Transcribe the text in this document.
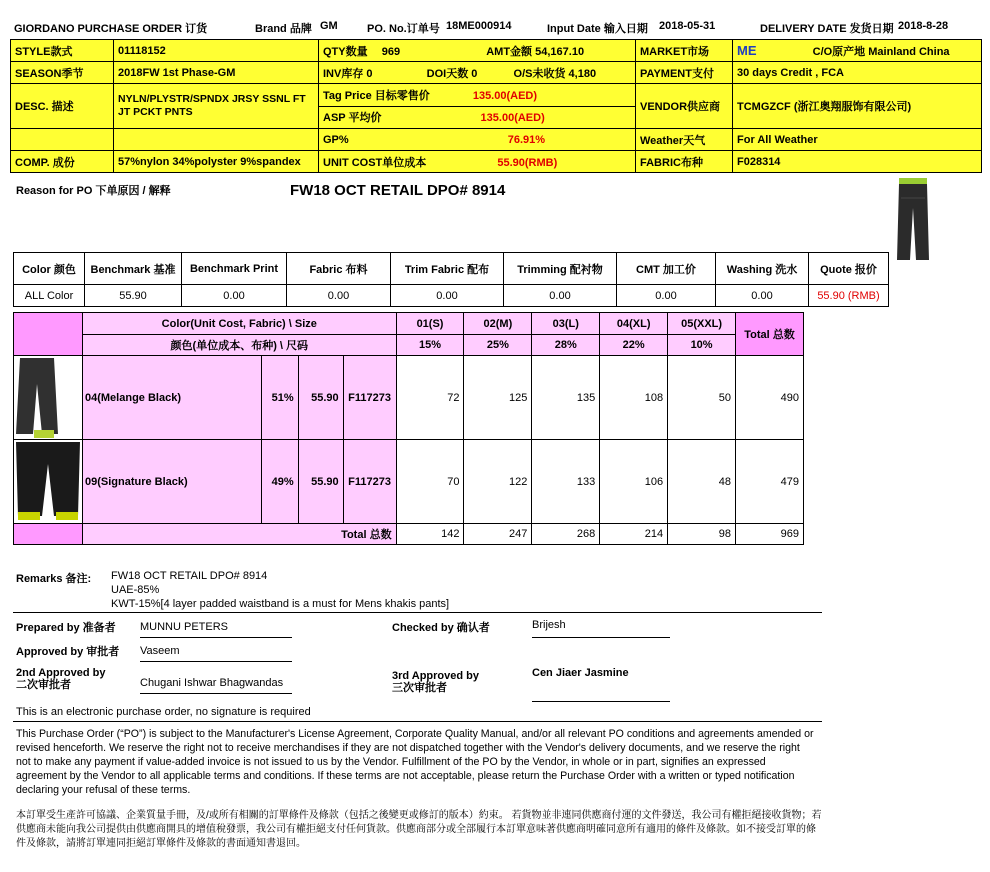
GIORDANO PURCHASE ORDER 订货	Brand 品牌 GM	PO. No.订单号 18ME000914	Input Date 输入日期 2018-05-31	DELIVERY DATE 发货日期 2018-8-28
STYLE款式	01118152	QTY数量 969 AMT金额 54,167.10	MARKET市场	ME C/O原产地 Mainland China
SEASON季节	2018FW 1st Phase-GM	INV库存 0 DOI天数 0 O/S未收货 4,180	PAYMENT支付	30 days Credit , FCA
DESC. 描述	NYLN/PLYSTR/SPNDX JRSY SSNL FT JT PCKT PNTS	Tag Price 目标零售价 135.00(AED)	VENDOR供应商	TCMGZCF (浙江奥翔服饰有限公司)
		ASP 平均价 135.00(AED)		
		GP% 76.91%	Weather天气	For All Weather
COMP. 成份	57%nylon 34%polyster 9%spandex	UNIT COST单位成本 55.90(RMB)	FABRIC布种	F028314
Reason for PO 下单原因 / 解释	FW18 OCT RETAIL DPO# 8914
Color 颜色	Benchmark 基准	Benchmark Print	Fabric 布料	Trim Fabric 配布	Trimming 配衬物	CMT 加工价	Washing 洗水	Quote 报价
ALL Color	55.90	0.00	0.00	0.00	0.00	0.00	0.00	55.90 (RMB)
	Color(Unit Cost, Fabric) \ Size				01(S)	02(M)	03(L)	04(XL)	05(XXL)	Total 总数
	颜色(单位成本、布种) \ 尺码				15%	25%	28%	22%	10%	

	04(Melange Black)	51%	55.90	F117273	72	125	135	108	50	490

	09(Signature Black)	49%	55.90	F117273	70	122	133	106	48	479
	Total 总数				142	247	268	214	98	969
Remarks 备注: FW18 OCT RETAIL DPO# 8914
UAE-85%
KWT-15%[4 layer padded waistband is a must for Mens khakis pants]
Prepared by 准备者 MUNNU PETERS	Checked by 确认者	Brijesh
Approved by 审批者 Vaseem
2nd Approved by
二次审批者	Chugani Ishwar Bhagwandas
3rd Approved by
三次审批者
Cen Jiaer Jasmine
This is an electronic purchase order, no signature is required
This Purchase Order (“PO”) is subject to the Manufacturer's License Agreement, Corporate Quality Manual, and/or all relevant PO conditions and agreements amended or revised henceforth. We reserve the right not to receive merchandises if they are not dispatched together with the Vendor's delivery documents, and we reserve the right not to make any payment if value-added invoice is not issued to us by the Vendor. Fulfillment of the PO by the Vendor, in whole or in part, signifies an expressed agreement by the Vendor to all applicable terms and conditions. If these terms are not acceptable, please return the Purchase Order with a written or typed notification declaring your refusal of these terms.
本訂單受生產許可協議、企業質量手冊，及/或所有相關的訂單條件及條款（包括之後變更或修訂的版本）約束。 若貨物並非連同供應商付運的文件發送，我公司有權拒絕接收貨物；若供應商未能向我公司提供由供應商開具的增值稅發票，我公司有權拒絕支付任何貨款。供應商部分或全部履行本訂單意味著供應商明確同意所有適用的條件及條款。如不接受訂單的條件及條款，請將訂單連同拒絕訂單條件及條款的書面通知書退回。
